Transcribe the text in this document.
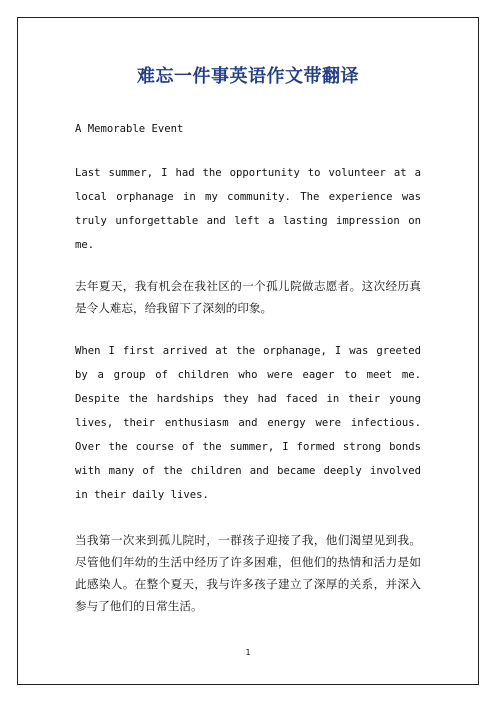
难忘一件事英语作文带翻译

A Memorable Event

Last summer, I had the opportunity to volunteer at a local orphanage in my community. The experience was truly unforgettable and left a lasting impression on me.

去年夏天，我有机会在我社区的一个孤儿院做志愿者。这次经历真是令人难忘，给我留下了深刻的印象。

When I first arrived at the orphanage, I was greeted by a group of children who were eager to meet me. Despite the hardships they had faced in their young lives, their enthusiasm and energy were infectious. Over the course of the summer, I formed strong bonds with many of the children and became deeply involved in their daily lives.

当我第一次来到孤儿院时，一群孩子迎接了我，他们渴望见到我。尽管他们年幼的生活中经历了许多困难，但他们的热情和活力是如此感染人。在整个夏天，我与许多孩子建立了深厚的关系，并深入参与了他们的日常生活。

1
